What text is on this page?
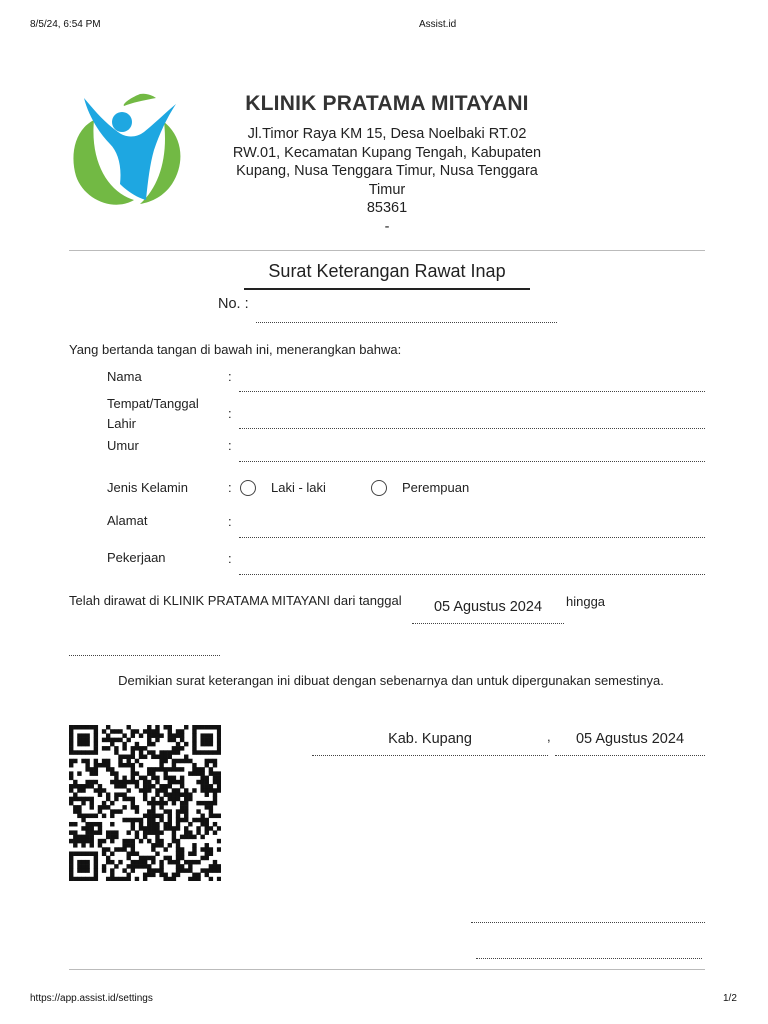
8/5/24, 6:54 PM	Assist.id
https://app.assist.id/settings	1/2
KLINIK PRATAMA MITAYANI
Jl.Timor Raya KM 15, Desa Noelbaki RT.02
RW.01, Kecamatan Kupang Tengah, Kabupaten
Kupang, Nusa Tenggara Timur, Nusa Tenggara
Timur
85361
-
Surat Keterangan Rawat Inap
No. :
Yang bertanda tangan di bawah ini, menerangkan bahwa:
Nama	:
Tempat/Tanggal
Lahir
:
Umur	:
Jenis Kelamin	:	Laki - laki	Perempuan
Alamat	:
Pekerjaan	:
Telah dirawat di KLINIK PRATAMA MITAYANI dari tanggal	05 Agustus 2024	hingga
Demikian surat keterangan ini dibuat dengan sebenarnya dan untuk dipergunakan semestinya.
Kab. Kupang	,	05 Agustus 2024
